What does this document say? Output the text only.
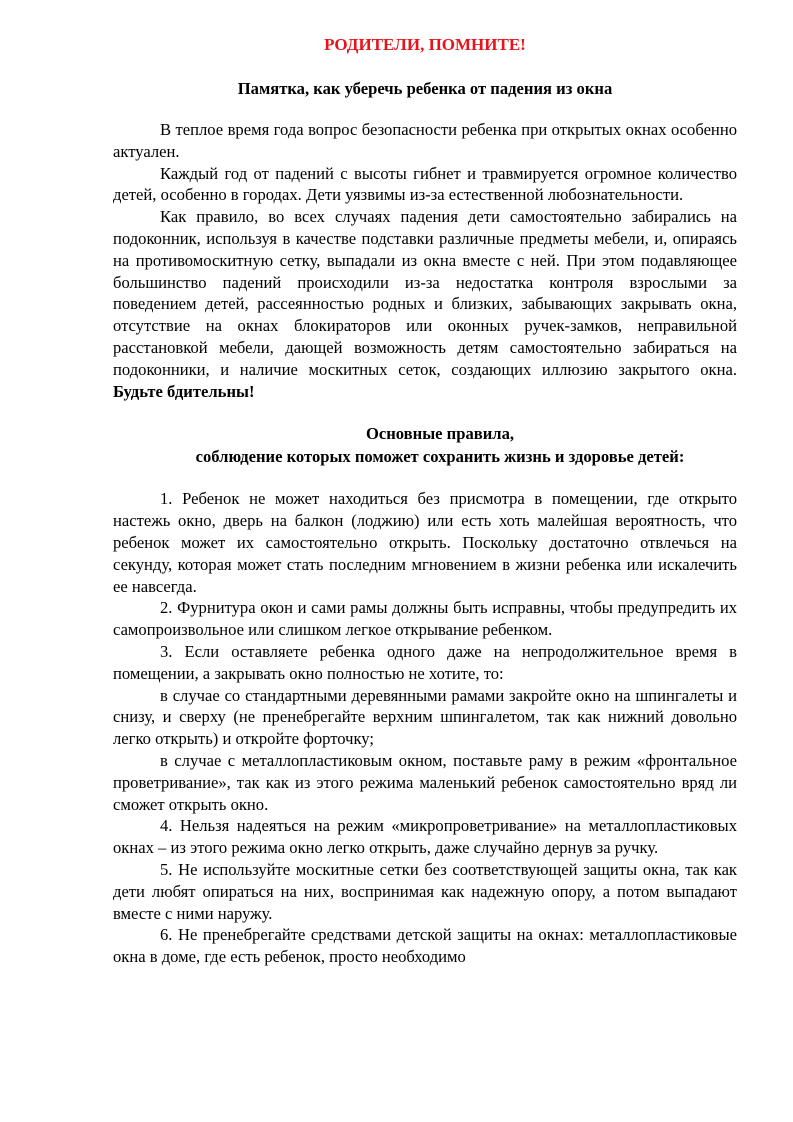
РОДИТЕЛИ, ПОМНИТЕ!
Памятка, как уберечь ребенка от падения из окна

В теплое время года вопрос безопасности ребенка при открытых окнах особенно актуален.

Каждый год от падений с высоты гибнет и травмируется огромное количество детей, особенно в городах. Дети уязвимы из-за естественной любознательности.

Как правило, во всех случаях падения дети самостоятельно забирались на подоконник, используя в качестве подставки различные предметы мебели, и, опираясь на противомоскитную сетку, выпадали из окна вместе с ней. При этом подавляющее большинство падений происходили из-за недостатка контроля взрослыми за поведением детей, рассеянностью родных и близких, забывающих закрывать окна, отсутствие на окнах блокираторов или оконных ручек-замков, неправильной расстановкой мебели, дающей возможность детям самостоятельно забираться на подоконники, и наличие москитных сеток, создающих иллюзию закрытого окна. Будьте бдительны!

Основные правила,
соблюдение которых поможет сохранить жизнь и здоровье детей:

1. Ребенок не может находиться без присмотра в помещении, где открыто настежь окно, дверь на балкон (лоджию) или есть хоть малейшая вероятность, что ребенок может их самостоятельно открыть. Поскольку достаточно отвлечься на секунду, которая может стать последним мгновением в жизни ребенка или искалечить ее навсегда.

2. Фурнитура окон и сами рамы должны быть исправны, чтобы предупредить их самопроизвольное или слишком легкое открывание ребенком.

3. Если оставляете ребенка одного даже на непродолжительное время в помещении, а закрывать окно полностью не хотите, то:

в случае со стандартными деревянными рамами закройте окно на шпингалеты и снизу, и сверху (не пренебрегайте верхним шпингалетом, так как нижний довольно легко открыть) и откройте форточку;

в случае с металлопластиковым окном, поставьте раму в режим «фронтальное проветривание», так как из этого режима маленький ребенок самостоятельно вряд ли сможет открыть окно.

4. Нельзя надеяться на режим «микропроветривание» на металлопластиковых окнах – из этого режима окно легко открыть, даже случайно дернув за ручку.

5. Не используйте москитные сетки без соответствующей защиты окна, так как дети любят опираться на них, воспринимая как надежную опору, а потом выпадают вместе с ними наружу.

6. Не пренебрегайте средствами детской защиты на окнах: металлопластиковые окна в доме, где есть ребенок, просто необходимо
